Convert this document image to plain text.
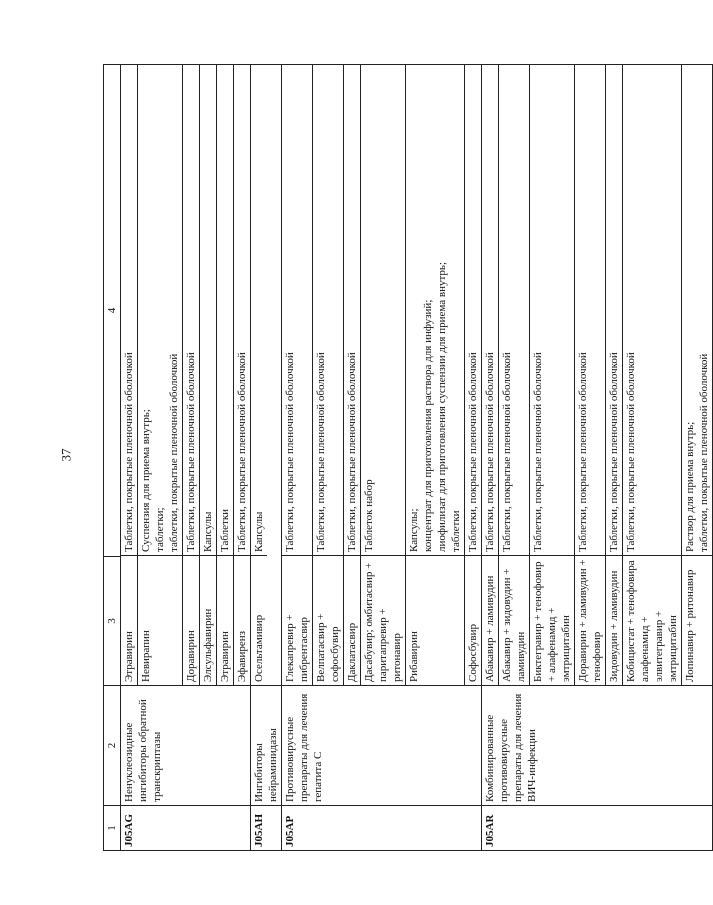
37
1
2
3
4
J05AG
Ненуклеозидные ингибиторы обратной транскриптазы
Этравирин
Таблетки, покрытые пленочной оболочкой
Невирапин
Суспензия для приема внутрь;
таблетки;
таблетки, покрытые пленочной оболочкой
Доравирин
Таблетки, покрытые пленочной оболочкой
Элсульфавирин
Капсулы
Этравирин
Таблетки
Эфавиренз
Таблетки, покрытые пленочной оболочкой
J05AH
Ингибиторы нейраминидазы
Осельтамивир
Капсулы
J05AP
Противовирусные препараты для лечения гепатита С
Глекапревир + пибрентасвир
Таблетки, покрытые пленочной оболочкой
Велпатасвир + софосбувир
Таблетки, покрытые пленочной оболочкой
Даклатасвир
Таблетки, покрытые пленочной оболочкой
Дасабувир; омбитасвир + паритапревир + ритонавир
Таблеток набор
Рибавирин
Капсулы;
концентрат для приготовления раствора для инфузий;
лиофилизат для приготовления суспензии для приема внутрь;
таблетки
Софосбувир
Таблетки, покрытые пленочной оболочкой
J05AR
Комбинированные противовирусные препараты для лечения ВИЧ-инфекции
Абакавир + ламивудин
Таблетки, покрытые пленочной оболочкой
Абакавир + зидовудин + ламивудин
Таблетки, покрытые пленочной оболочкой
Биктегравир + тенофовир + алафенамид + эмтрицитабин
Таблетки, покрытые пленочной оболочкой
Доравирин + ламивудин + тенофовир
Таблетки, покрытые пленочной оболочкой
Зидовудин + ламивудин
Таблетки, покрытые пленочной оболочкой
Кобицистат + тенофовира алафенамид + элвитегравир + эмтрицитабин
Таблетки, покрытые пленочной оболочкой
Лопинавир + ритонавир
Раствор для приема внутрь;
таблетки, покрытые пленочной оболочкой
